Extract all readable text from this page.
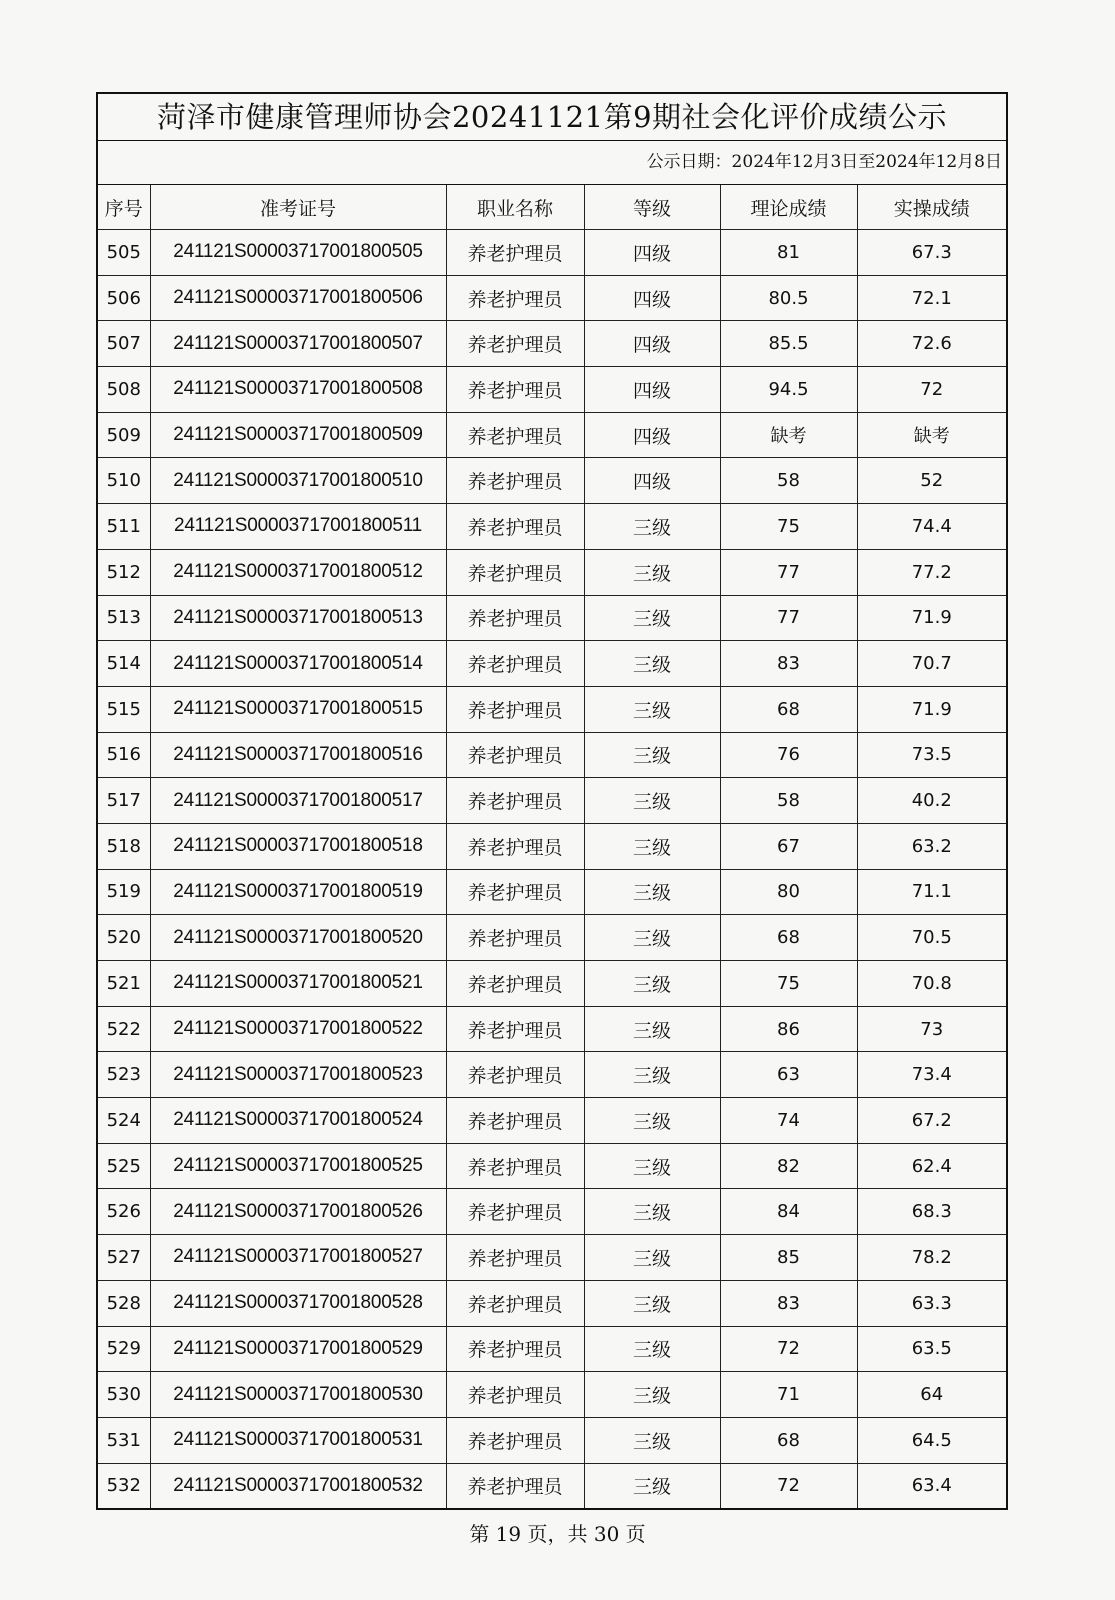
菏泽市健康管理师协会20241121第9期社会化评价成绩公示
公示日期：2024年12月3日至2024年12月8日
序号	准考证号	职业名称	等级	理论成绩	实操成绩
505	241121S00003717001800505	养老护理员	四级	81	67.3
506	241121S00003717001800506	养老护理员	四级	80.5	72.1
507	241121S00003717001800507	养老护理员	四级	85.5	72.6
508	241121S00003717001800508	养老护理员	四级	94.5	72
509	241121S00003717001800509	养老护理员	四级	缺考	缺考
510	241121S00003717001800510	养老护理员	四级	58	52
511	241121S00003717001800511	养老护理员	三级	75	74.4
512	241121S00003717001800512	养老护理员	三级	77	77.2
513	241121S00003717001800513	养老护理员	三级	77	71.9
514	241121S00003717001800514	养老护理员	三级	83	70.7
515	241121S00003717001800515	养老护理员	三级	68	71.9
516	241121S00003717001800516	养老护理员	三级	76	73.5
517	241121S00003717001800517	养老护理员	三级	58	40.2
518	241121S00003717001800518	养老护理员	三级	67	63.2
519	241121S00003717001800519	养老护理员	三级	80	71.1
520	241121S00003717001800520	养老护理员	三级	68	70.5
521	241121S00003717001800521	养老护理员	三级	75	70.8
522	241121S00003717001800522	养老护理员	三级	86	73
523	241121S00003717001800523	养老护理员	三级	63	73.4
524	241121S00003717001800524	养老护理员	三级	74	67.2
525	241121S00003717001800525	养老护理员	三级	82	62.4
526	241121S00003717001800526	养老护理员	三级	84	68.3
527	241121S00003717001800527	养老护理员	三级	85	78.2
528	241121S00003717001800528	养老护理员	三级	83	63.3
529	241121S00003717001800529	养老护理员	三级	72	63.5
530	241121S00003717001800530	养老护理员	三级	71	64
531	241121S00003717001800531	养老护理员	三级	68	64.5
532	241121S00003717001800532	养老护理员	三级	72	63.4
第 19 页，共 30 页
